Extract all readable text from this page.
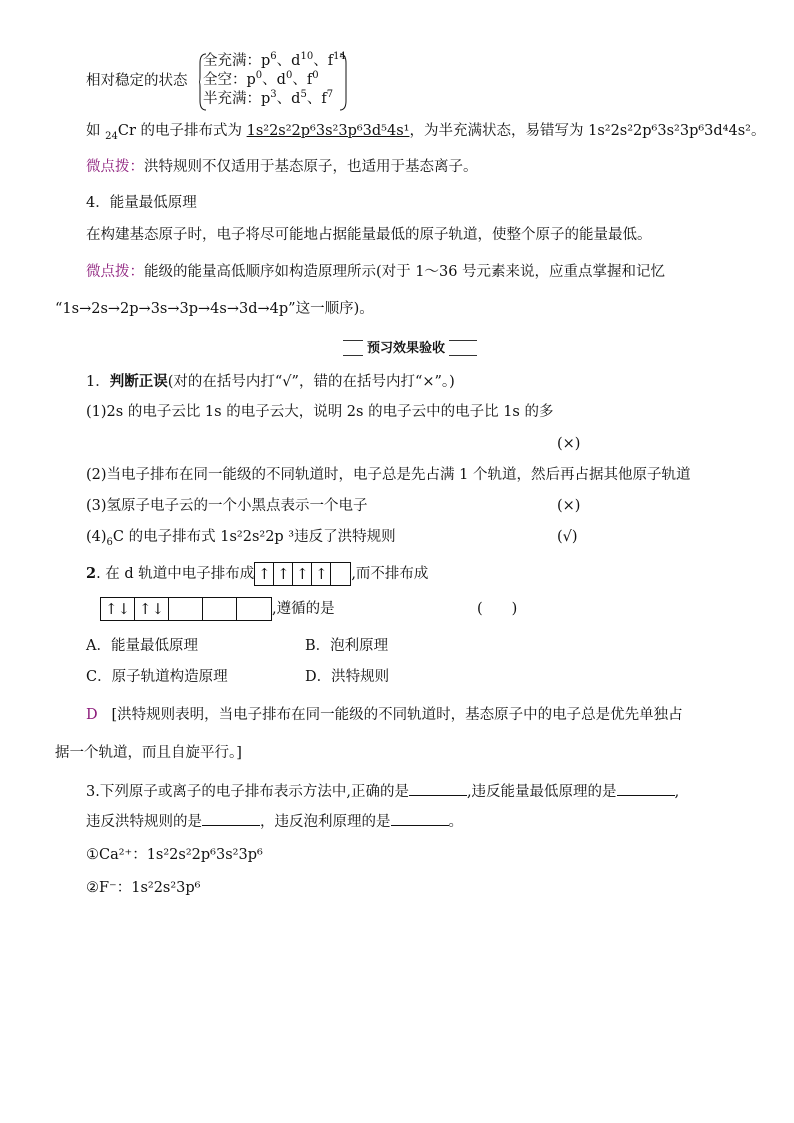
相对稳定的状态
全充满：$p^6$、$d^{10}$、$f^{14}$
全空：$p^0$、$d^0$、$f^0$
半充满：$p^3$、$d^5$、$f^7$
如 $_{24}$Cr 的电子排布式为 1s²2s²2p⁶3s²3p⁶3d⁵4s¹，为半充满状态，易错写为 1s²2s²2p⁶3s²3p⁶3d⁴4s²。
微点拨：洪特规则不仅适用于基态原子，也适用于基态离子。
4．能量最低原理
在构建基态原子时，电子将尽可能地占据能量最低的原子轨道，使整个原子的能量最低。
微点拨：能级的能量高低顺序如构造原理所示(对于 1～36 号元素来说，应重点掌握和记忆
“1s→2s→2p→3s→3p→4s→3d→4p”这一顺序)。
预习效果验收
1．判断正误(对的在括号内打“√”，错的在括号内打“×”。)
(1)2s 的电子云比 1s 的电子云大，说明 2s 的电子云中的电子比 1s 的多
(×)
(2)当电子排布在同一能级的不同轨道时，电子总是先占满 1 个轨道，然后再占据其他原子轨道
(3)氢原子电子云的一个小黑点表示一个电子	(×)
$(4)_6C$ 的电子排布式 1s²2s²2p ³违反了洪特规则	(√)
2. 在 d 轨道中电子排布成 ↑ ↑ ↑ ↑ ,而不排布成
↑↓ ↑↓	,遵循的是	(　　)
A．能量最低原理	B．泡利原理
C．原子轨道构造原理	D．洪特规则
D [洪特规则表明，当电子排布在同一能级的不同轨道时，基态原子中的电子总是优先单独占
据一个轨道，而且自旋平行。]
3.下列原子或离子的电子排布表示方法中,正确的是	,违反能量最低原理的是	,
违反洪特规则的是	，违反泡利原理的是	。
①Ca²⁺：1s²2s²2p⁶3s²3p⁶
②F⁻：1s²2s²3p⁶
